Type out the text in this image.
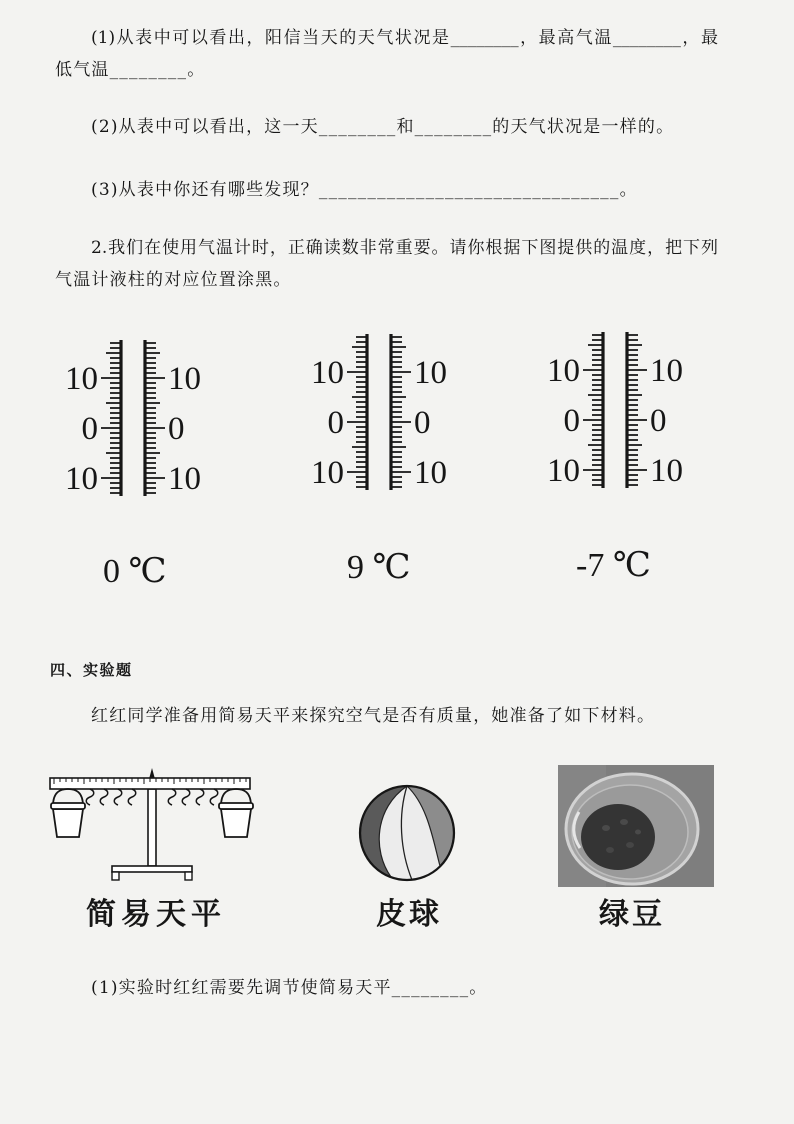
(1)从表中可以看出，阳信当天的天气状况是________，最高气温________，最
低气温________。
(2)从表中可以看出，这一天________和________的天气状况是一样的。
(3)从表中你还有哪些发现？_______________________________。
2.我们在使用气温计时，正确读数非常重要。请你根据下图提供的温度，把下列
气温计液柱的对应位置涂黑。
10
0
10
10
0
10
10
0
10
10
0
10
10
0
10
10
0
10
0 ℃	9 ℃	-7 ℃
四、实验题
红红同学准备用简易天平来探究空气是否有质量，她准备了如下材料。
简易天平	皮球	绿豆
(1)实验时红红需要先调节使简易天平________。
